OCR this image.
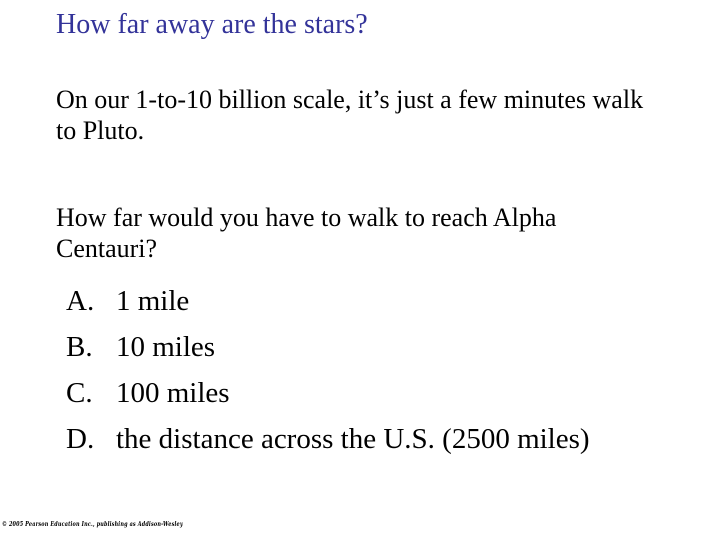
How far away are the stars?
On our 1-to-10 billion scale, it’s just a few minutes walk to Pluto.
How far would you have to walk to reach Alpha Centauri?
A. 1 mile
B. 10 miles
C. 100 miles
D. the distance across the U.S. (2500 miles)
© 2005 Pearson Education Inc., publishing as Addison-Wesley
